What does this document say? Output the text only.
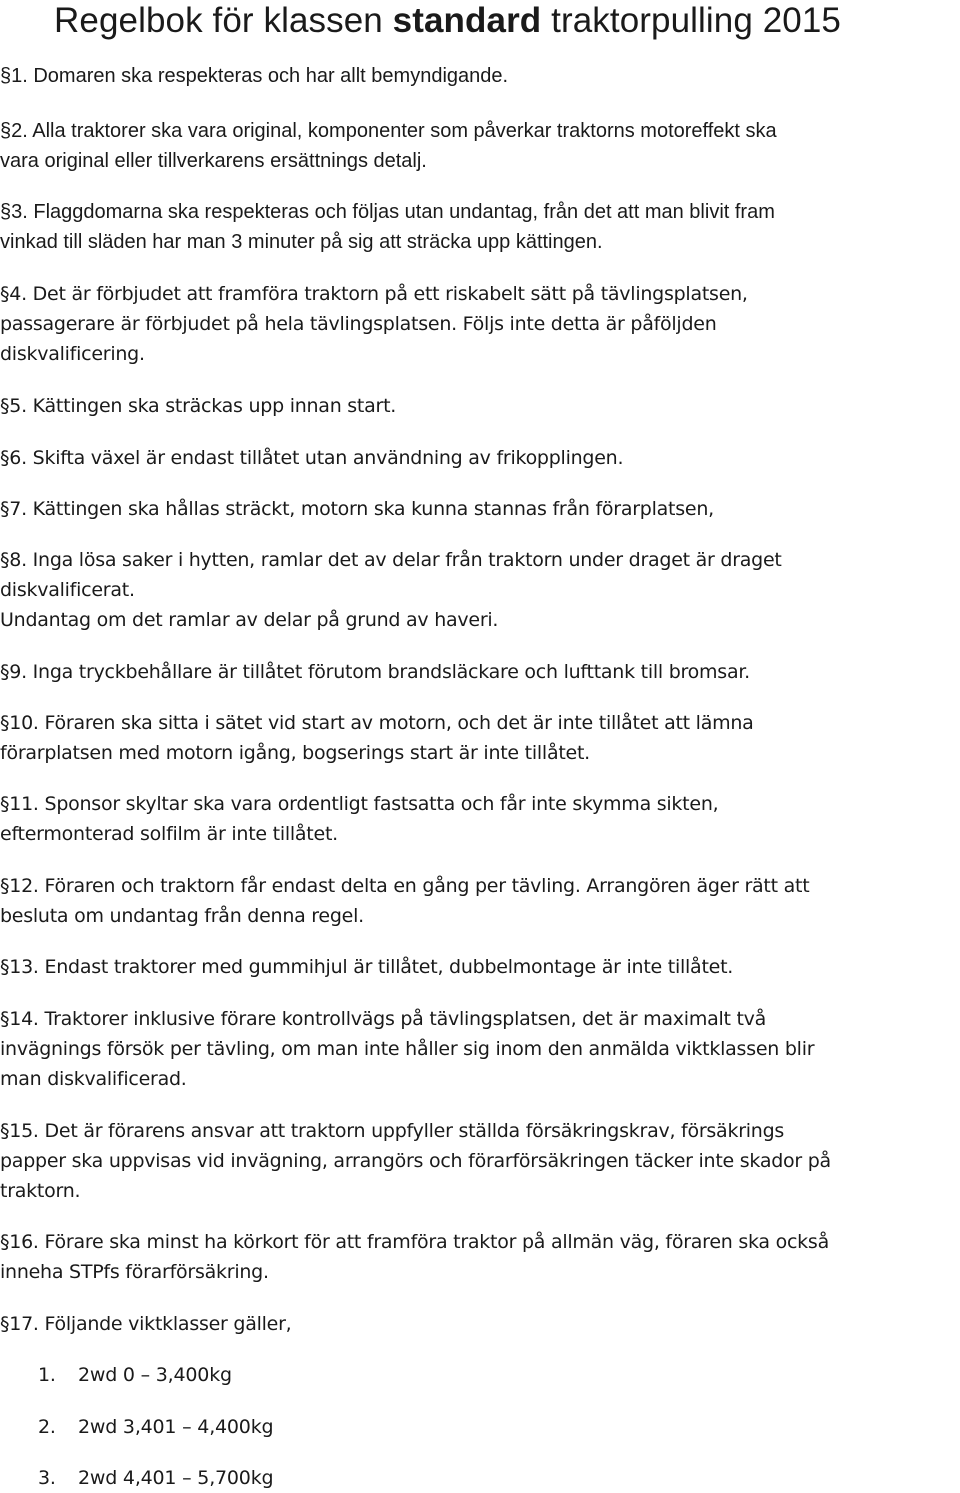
Regelbok för klassen standard traktorpulling 2015

§1. Domaren ska respekteras och har allt bemyndigande.

§2. Alla traktorer ska vara original, komponenter som påverkar traktorns motoreffekt ska
vara original eller tillverkarens ersättnings detalj.

§3. Flaggdomarna ska respekteras och följas utan undantag, från det att man blivit fram
vinkad till släden har man 3 minuter på sig att sträcka upp kättingen.

§4. Det är förbjudet att framföra traktorn på ett riskabelt sätt på tävlingsplatsen,
passagerare är förbjudet på hela tävlingsplatsen. Följs inte detta är påföljden
diskvalificering.

§5. Kättingen ska sträckas upp innan start.

§6. Skifta växel är endast tillåtet utan användning av frikopplingen.

§7. Kättingen ska hållas sträckt, motorn ska kunna stannas från förarplatsen,

§8. Inga lösa saker i hytten, ramlar det av delar från traktorn under draget är draget
diskvalificerat.
Undantag om det ramlar av delar på grund av haveri.

§9. Inga tryckbehållare är tillåtet förutom brandsläckare och lufttank till bromsar.

§10. Föraren ska sitta i sätet vid start av motorn, och det är inte tillåtet att lämna
förarplatsen med motorn igång, bogserings start är inte tillåtet.

§11. Sponsor skyltar ska vara ordentligt fastsatta och får inte skymma sikten,
eftermonterad solfilm är inte tillåtet.

§12. Föraren och traktorn får endast delta en gång per tävling. Arrangören äger rätt att
besluta om undantag från denna regel.

§13. Endast traktorer med gummihjul är tillåtet, dubbelmontage är inte tillåtet.

§14. Traktorer inklusive förare kontrollvägs på tävlingsplatsen, det är maximalt två
invägnings försök per tävling, om man inte håller sig inom den anmälda viktklassen blir
man diskvalificerad.

§15. Det är förarens ansvar att traktorn uppfyller ställda försäkringskrav, försäkrings
papper ska uppvisas vid invägning, arrangörs och förarförsäkringen täcker inte skador på
traktorn.

§16. Förare ska minst ha körkort för att framföra traktor på allmän väg, föraren ska också
inneha STPfs förarförsäkring.

§17. Följande viktklasser gäller,

1. 2wd 0 – 3,400kg

2. 2wd 3,401 – 4,400kg

3. 2wd 4,401 – 5,700kg
